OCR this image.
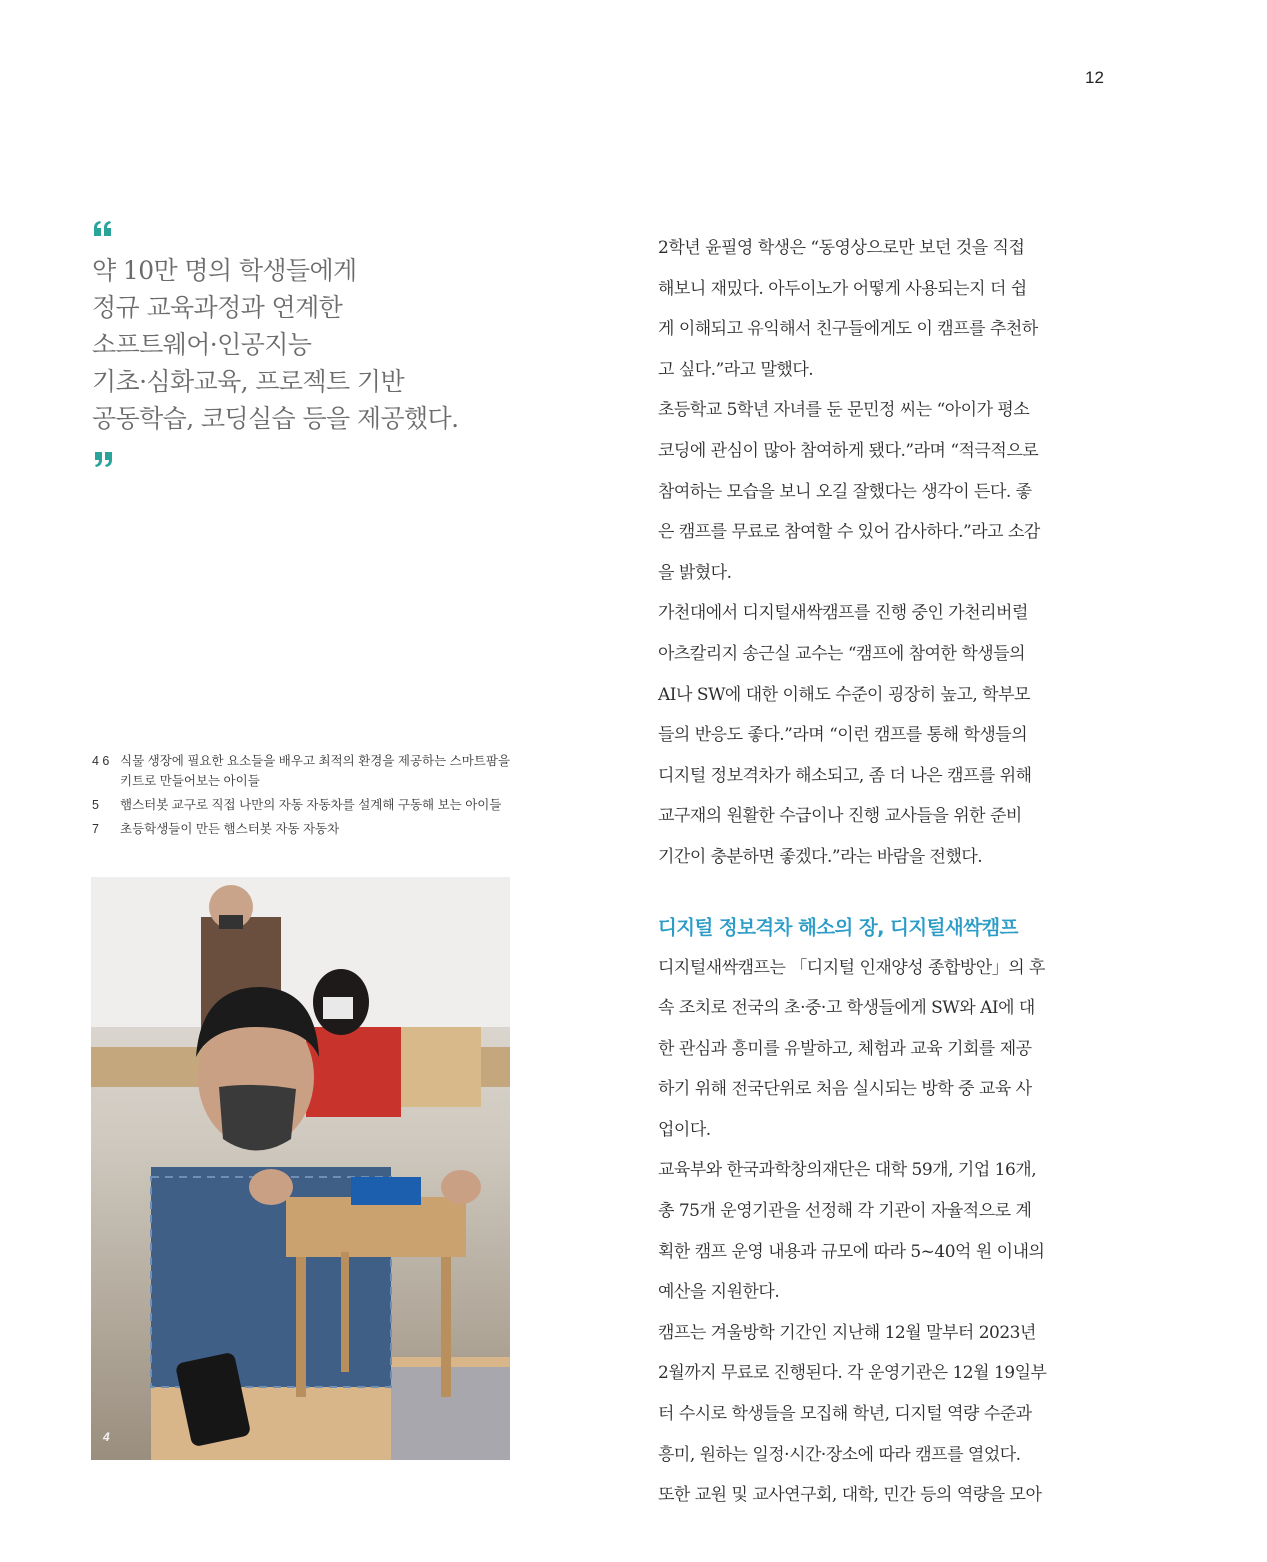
12
약 10만 명의 학생들에게
정규 교육과정과 연계한
소프트웨어·인공지능
기초·심화교육, 프로젝트 기반
공동학습, 코딩실습 등을 제공했다.
4 6 식물 생장에 필요한 요소들을 배우고 최적의 환경을 제공하는 스마트팜을 키트로 만들어보는 아이들
5	햄스터봇 교구로 직접 나만의 자동 자동차를 설계해 구동해 보는 아이들
7	초등학생들이 만든 햄스터봇 자동 자동차
4
2학년 윤필영 학생은 “동영상으로만 보던 것을 직접
해보니 재밌다. 아두이노가 어떻게 사용되는지 더 쉽
게 이해되고 유익해서 친구들에게도 이 캠프를 추천하
고 싶다.”라고 말했다.
초등학교 5학년 자녀를 둔 문민정 씨는 “아이가 평소
코딩에 관심이 많아 참여하게 됐다.”라며 “적극적으로
참여하는 모습을 보니 오길 잘했다는 생각이 든다. 좋
은 캠프를 무료로 참여할 수 있어 감사하다.”라고 소감
을 밝혔다.
가천대에서 디지털새싹캠프를 진행 중인 가천리버럴
아츠칼리지 송근실 교수는 “캠프에 참여한 학생들의
AI나 SW에 대한 이해도 수준이 굉장히 높고, 학부모
들의 반응도 좋다.”라며 “이런 캠프를 통해 학생들의
디지털 정보격차가 해소되고, 좀 더 나은 캠프를 위해
교구재의 원활한 수급이나 진행 교사들을 위한 준비
기간이 충분하면 좋겠다.”라는 바람을 전했다.
디지털 정보격차 해소의 장, 디지털새싹캠프
디지털새싹캠프는 「디지털 인재양성 종합방안」의 후
속 조치로 전국의 초·중·고 학생들에게 SW와 AI에 대
한 관심과 흥미를 유발하고, 체험과 교육 기회를 제공
하기 위해 전국단위로 처음 실시되는 방학 중 교육 사
업이다.
교육부와 한국과학창의재단은 대학 59개, 기업 16개,
총 75개 운영기관을 선정해 각 기관이 자율적으로 계
획한 캠프 운영 내용과 규모에 따라 5~40억 원 이내의
예산을 지원한다.
캠프는 겨울방학 기간인 지난해 12월 말부터 2023년
2월까지 무료로 진행된다. 각 운영기관은 12월 19일부
터 수시로 학생들을 모집해 학년, 디지털 역량 수준과
흥미, 원하는 일정·시간·장소에 따라 캠프를 열었다.
또한 교원 및 교사연구회, 대학, 민간 등의 역량을 모아
